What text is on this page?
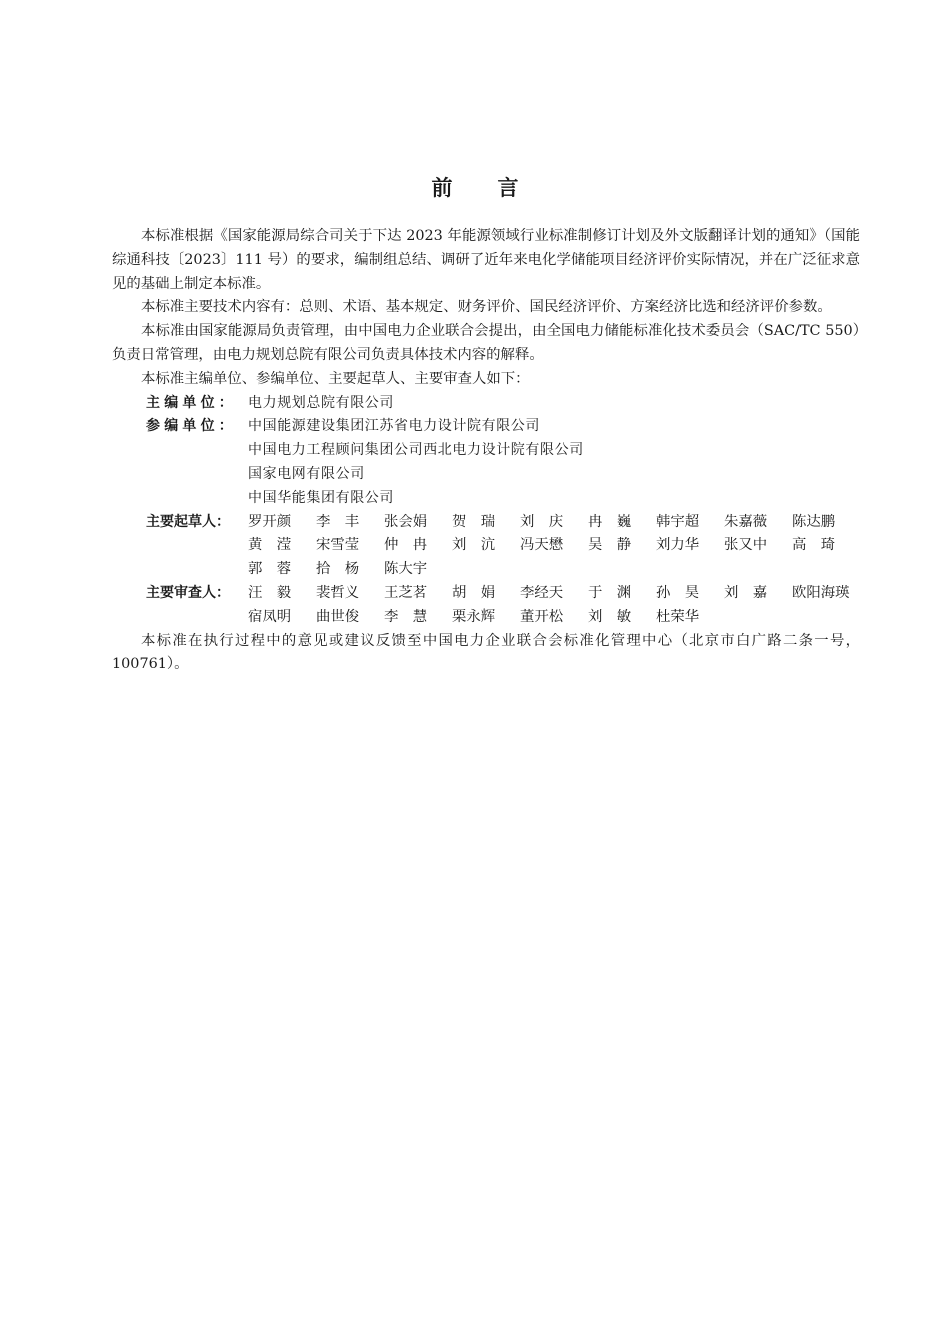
前 言

本标准根据《国家能源局综合司关于下达 2023 年能源领域行业标准制修订计划及外文版翻译计划的通知》（国能综通科技〔2023〕111 号）的要求，编制组总结、调研了近年来电化学储能项目经济评价实际情况，并在广泛征求意见的基础上制定本标准。

本标准主要技术内容有：总则、术语、基本规定、财务评价、国民经济评价、方案经济比选和经济评价参数。

本标准由国家能源局负责管理，由中国电力企业联合会提出，由全国电力储能标准化技术委员会（SAC/TC 550）负责日常管理，由电力规划总院有限公司负责具体技术内容的解释。

本标准主编单位、参编单位、主要起草人、主要审查人如下：

主编单位： 电力规划总院有限公司
参编单位： 中国能源建设集团江苏省电力设计院有限公司
中国电力工程顾问集团公司西北电力设计院有限公司
国家电网有限公司
中国华能集团有限公司
主要起草人：	罗开颜	李　丰	张会娟	贺　瑞	刘　庆	冉　巍	韩宇超	朱嘉薇	陈达鹏
黄　滢	宋雪莹	仲　冉	刘　沆	冯天懋	吴　静	刘力华	张又中	高　琦
郭　蓉	拾　杨	陈大宇
主要审查人：	汪　毅	裴哲义	王芝茗	胡　娟	李经天	于　渊	孙　昊	刘　嘉	欧阳海瑛
宿凤明	曲世俊	李　慧	栗永辉	董开松	刘　敏	杜荣华

本标准在执行过程中的意见或建议反馈至中国电力企业联合会标准化管理中心（北京市白广路二条一号，100761）。
